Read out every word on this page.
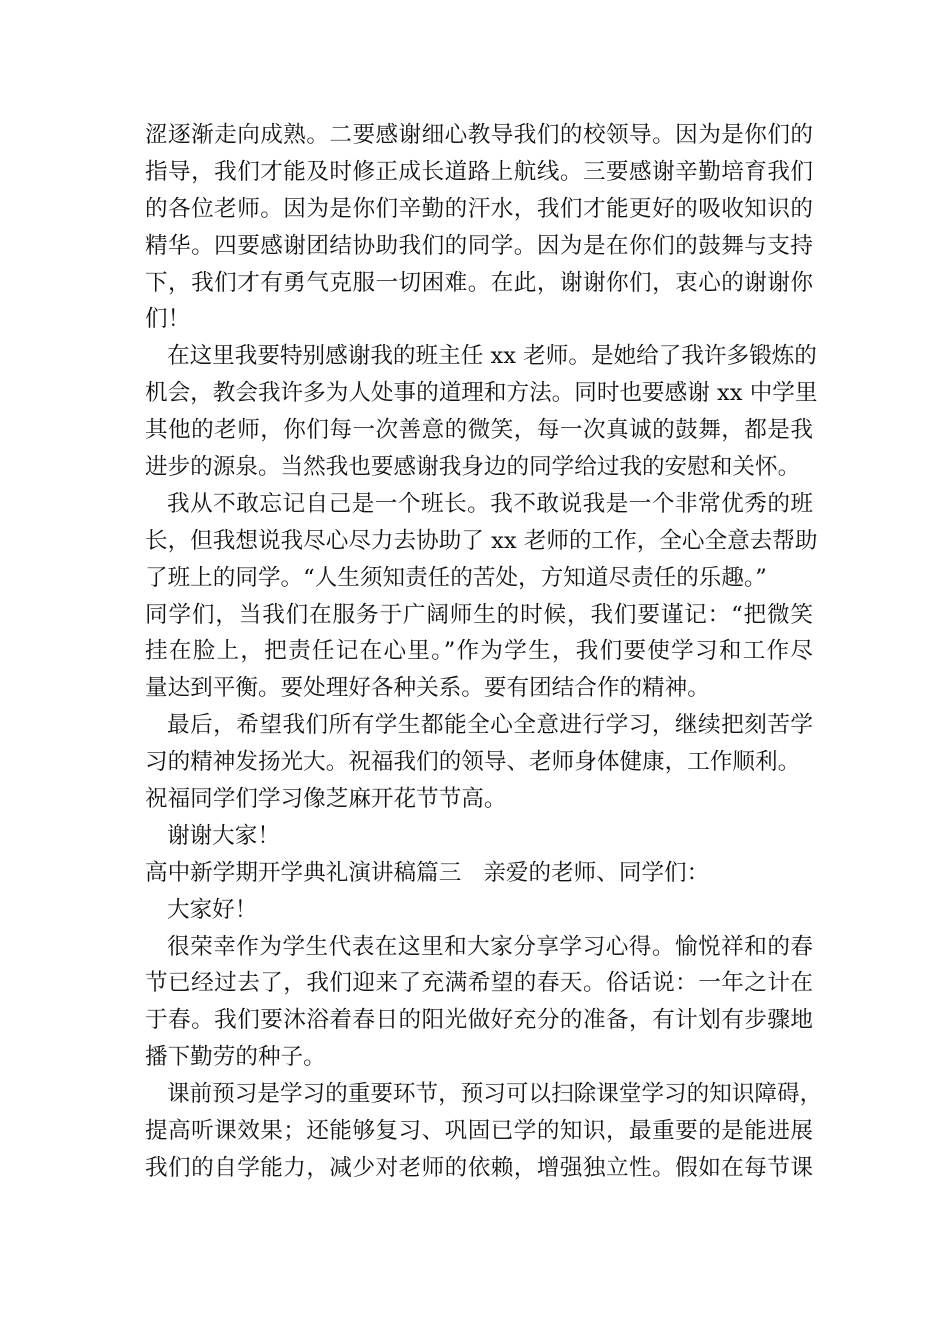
涩逐渐走向成熟。二要感谢细心教导我们的校领导。因为是你们的
指导，我们才能及时修正成长道路上航线。三要感谢辛勤培育我们
的各位老师。因为是你们辛勤的汗水，我们才能更好的吸收知识的
精华。四要感谢团结协助我们的同学。因为是在你们的鼓舞与支持
下，我们才有勇气克服一切困难。在此，谢谢你们，衷心的谢谢你
们！
在这里我要特别感谢我的班主任 xx 老师。是她给了我许多锻炼的
机会，教会我许多为人处事的道理和方法。同时也要感谢 xx 中学里
其他的老师，你们每一次善意的微笑，每一次真诚的鼓舞，都是我
进步的源泉。当然我也要感谢我身边的同学给过我的安慰和关怀。
我从不敢忘记自己是一个班长。我不敢说我是一个非常优秀的班
长，但我想说我尽心尽力去协助了 xx 老师的工作，全心全意去帮助
了班上的同学。“人生须知责任的苦处，方知道尽责任的乐趣。”
同学们，当我们在服务于广阔师生的时候，我们要谨记：“把微笑
挂在脸上，把责任记在心里。”作为学生，我们要使学习和工作尽
量达到平衡。要处理好各种关系。要有团结合作的精神。
最后，希望我们所有学生都能全心全意进行学习，继续把刻苦学
习的精神发扬光大。祝福我们的领导、老师身体健康，工作顺利。
祝福同学们学习像芝麻开花节节高。
谢谢大家！
高中新学期开学典礼演讲稿篇三 亲爱的老师、同学们：
大家好！
很荣幸作为学生代表在这里和大家分享学习心得。愉悦祥和的春
节已经过去了，我们迎来了充满希望的春天。俗话说：一年之计在
于春。我们要沐浴着春日的阳光做好充分的准备，有计划有步骤地
播下勤劳的种子。
课前预习是学习的重要环节，预习可以扫除课堂学习的知识障碍，
提高听课效果；还能够复习、巩固已学的知识，最重要的是能进展
我们的自学能力，减少对老师的依赖，增强独立性。假如在每节课
